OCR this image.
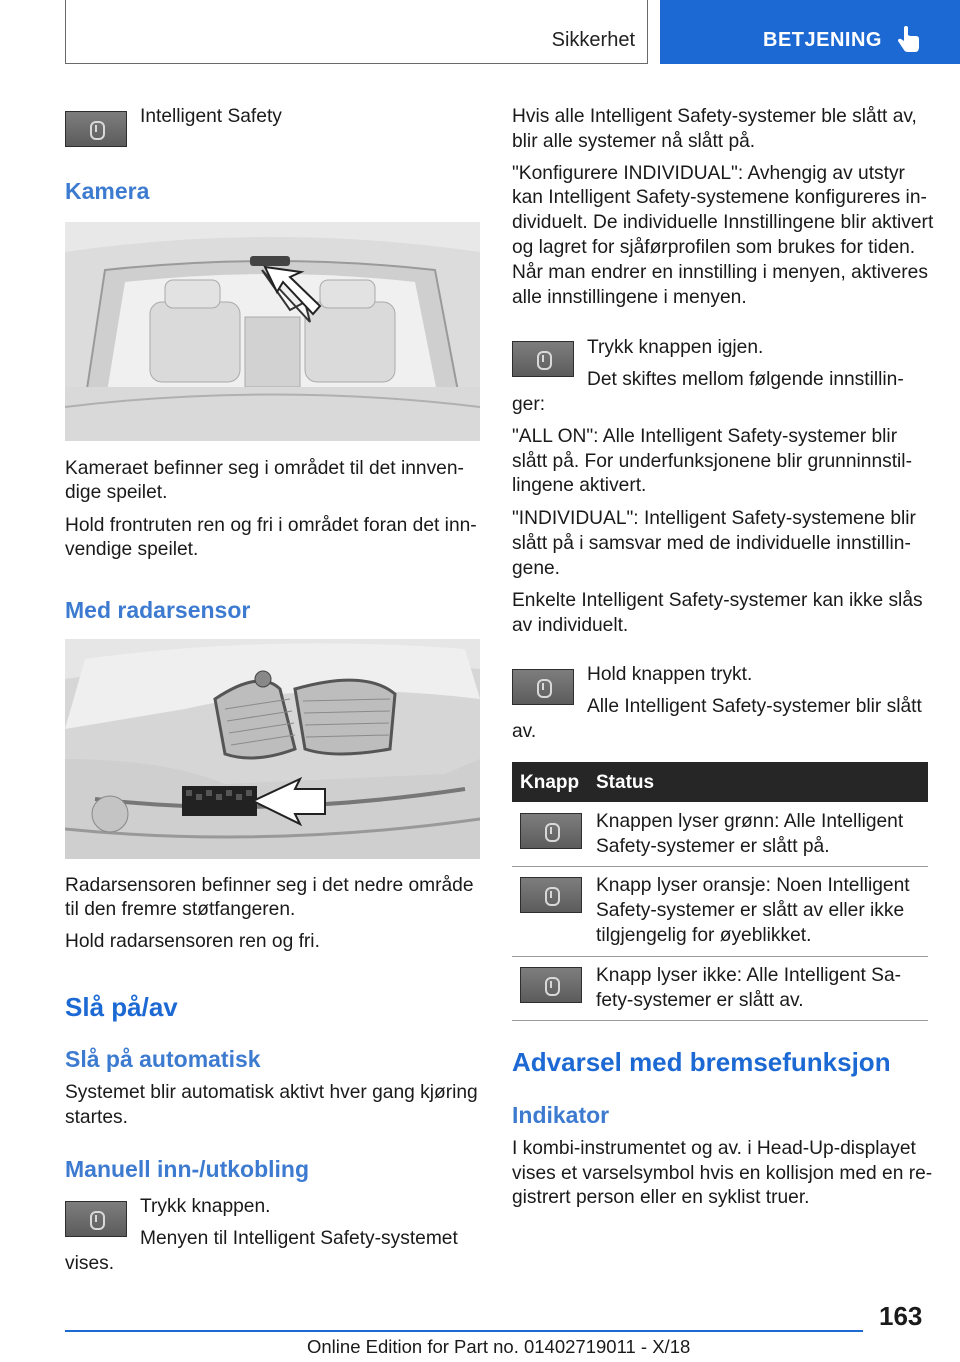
Sikkerhet	BETJENING

Intelligent Safety

Kamera

Kameraet befinner seg i området til det innven-

dige speilet.

Hold frontruten ren og fri i området foran det inn-

vendige speilet.

Med radarsensor

Radarsensoren befinner seg i det nedre område

til den fremre støtfangeren.

Hold radarsensoren ren og fri.

Slå på/av
Slå på automatisk

Systemet blir automatisk aktivt hver gang kjøring

startes.

Manuell inn-/utkobling

Trykk knappen.

Menyen til Intelligent Safety-systemet

vises.

Hvis alle Intelligent Safety-systemer ble slått av,

blir alle systemer nå slått på.

"Konfigurere INDIVIDUAL": Avhengig av utstyr

kan Intelligent Safety-systemene konfigureres in-

dividuelt. De individuelle Innstillingene blir aktivert

og lagret for sjåførprofilen som brukes for tiden.

Når man endrer en innstilling i menyen, aktiveres

alle innstillingene i menyen.

Trykk knappen igjen.

Det skiftes mellom følgende innstillin-

ger:

"ALL ON": Alle Intelligent Safety-systemer blir

slått på. For underfunksjonene blir grunninnstil-

lingene aktivert.

"INDIVIDUAL": Intelligent Safety-systemene blir

slått på i samsvar med de individuelle innstillin-

gene.

Enkelte Intelligent Safety-systemer kan ikke slås

av individuelt.

Hold knappen trykt.

Alle Intelligent Safety-systemer blir slått

av.

Knapp Status

Knappen lyser grønn: Alle Intelligent

Safety-systemer er slått på.

Knapp lyser oransje: Noen Intelligent

Safety-systemer er slått av eller ikke

tilgjengelig for øyeblikket.

Knapp lyser ikke: Alle Intelligent Sa-

fety-systemer er slått av.

Advarsel med bremsefunksjon
Indikator

I kombi-instrumentet og av. i Head-Up-displayet

vises et varselsymbol hvis en kollisjon med en re-

gistrert person eller en syklist truer.

163
Online Edition for Part no. 01402719011 - X/18
